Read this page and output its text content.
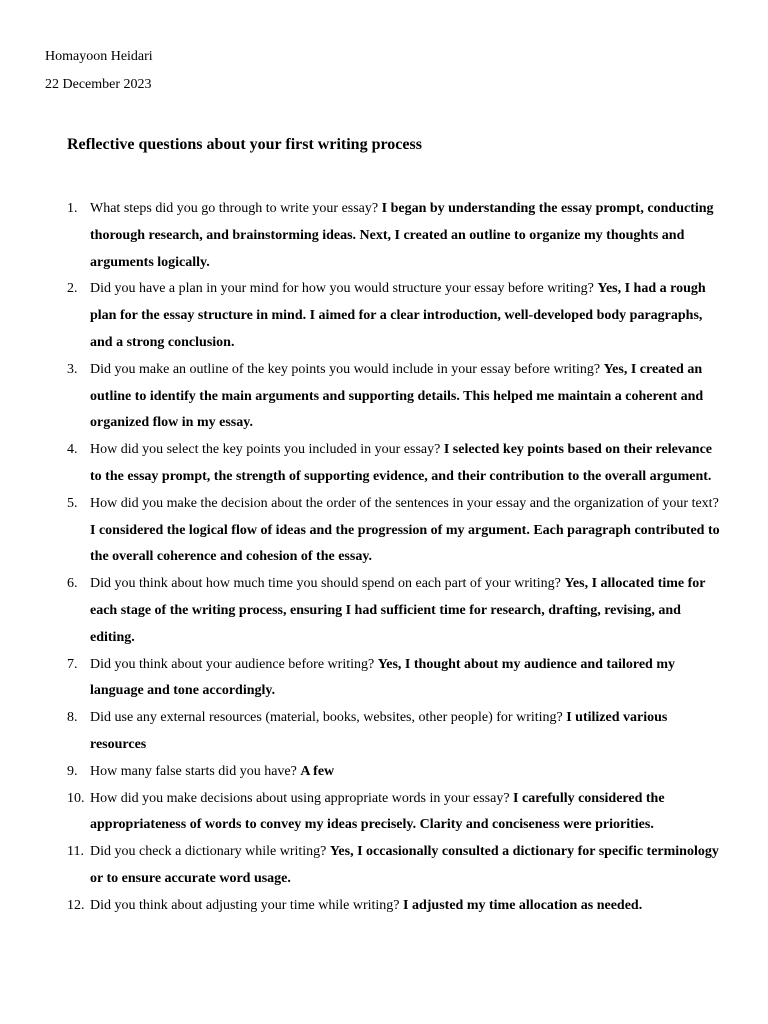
Homayoon Heidari
22 December 2023
Reflective questions about your first writing process
1. What steps did you go through to write your essay? I began by understanding the essay prompt, conducting thorough research, and brainstorming ideas. Next, I created an outline to organize my thoughts and arguments logically.
2. Did you have a plan in your mind for how you would structure your essay before writing? Yes, I had a rough plan for the essay structure in mind. I aimed for a clear introduction, well-developed body paragraphs, and a strong conclusion.
3. Did you make an outline of the key points you would include in your essay before writing? Yes, I created an outline to identify the main arguments and supporting details. This helped me maintain a coherent and organized flow in my essay.
4. How did you select the key points you included in your essay? I selected key points based on their relevance to the essay prompt, the strength of supporting evidence, and their contribution to the overall argument.
5. How did you make the decision about the order of the sentences in your essay and the organization of your text? I considered the logical flow of ideas and the progression of my argument. Each paragraph contributed to the overall coherence and cohesion of the essay.
6. Did you think about how much time you should spend on each part of your writing? Yes, I allocated time for each stage of the writing process, ensuring I had sufficient time for research, drafting, revising, and editing.
7. Did you think about your audience before writing? Yes, I thought about my audience and tailored my language and tone accordingly.
8. Did use any external resources (material, books, websites, other people) for writing? I utilized various resources
9. How many false starts did you have? A few
10. How did you make decisions about using appropriate words in your essay? I carefully considered the appropriateness of words to convey my ideas precisely. Clarity and conciseness were priorities.
11. Did you check a dictionary while writing? Yes, I occasionally consulted a dictionary for specific terminology or to ensure accurate word usage.
12. Did you think about adjusting your time while writing? I adjusted my time allocation as needed.
